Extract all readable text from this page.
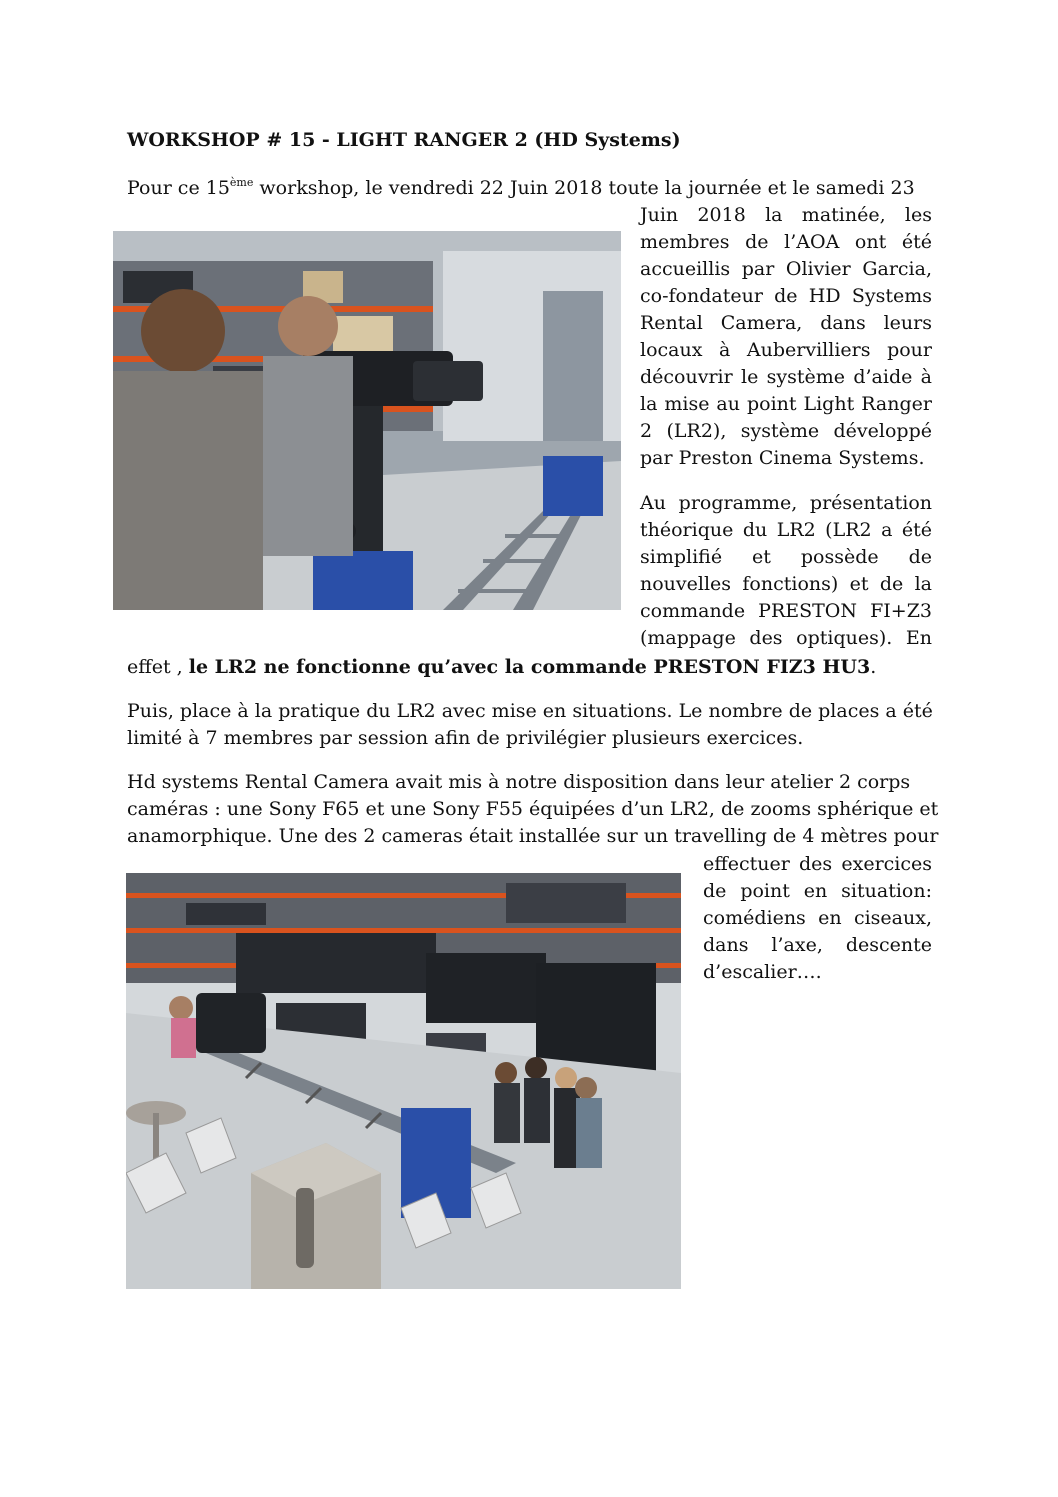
WORKSHOP # 15 - LIGHT RANGER 2 (HD Systems)
Pour ce 15ème workshop, le vendredi 22 Juin 2018 toute la journée et le samedi 23
Juin 2018 la matinée, les
membres de l’AOA ont été
accueillis par Olivier Garcia,
co-fondateur de HD Systems
Rental Camera, dans leurs
locaux à Aubervilliers pour
découvrir le système d’aide à
la mise au point Light Ranger
2 (LR2), système développé
par Preston Cinema Systems.
Au programme, présentation
théorique du LR2 (LR2 a été
simplifié et possède de
nouvelles fonctions) et de la
commande PRESTON FI+Z3
(mappage des optiques). En
effet , le LR2 ne fonctionne qu’avec la commande PRESTON FIZ3 HU3.
Puis, place à la pratique du LR2 avec mise en situations. Le nombre de places a été
limité à 7 membres par session afin de privilégier plusieurs exercices.
Hd systems Rental Camera avait mis à notre disposition dans leur atelier 2 corps
caméras : une Sony F65 et une Sony F55 équipées d’un LR2, de zooms sphérique et
anamorphique. Une des 2 cameras était installée sur un travelling de 4 mètres pour
effectuer des exercices
de point en situation:
comédiens en ciseaux,
dans l’axe, descente
d’escalier….
